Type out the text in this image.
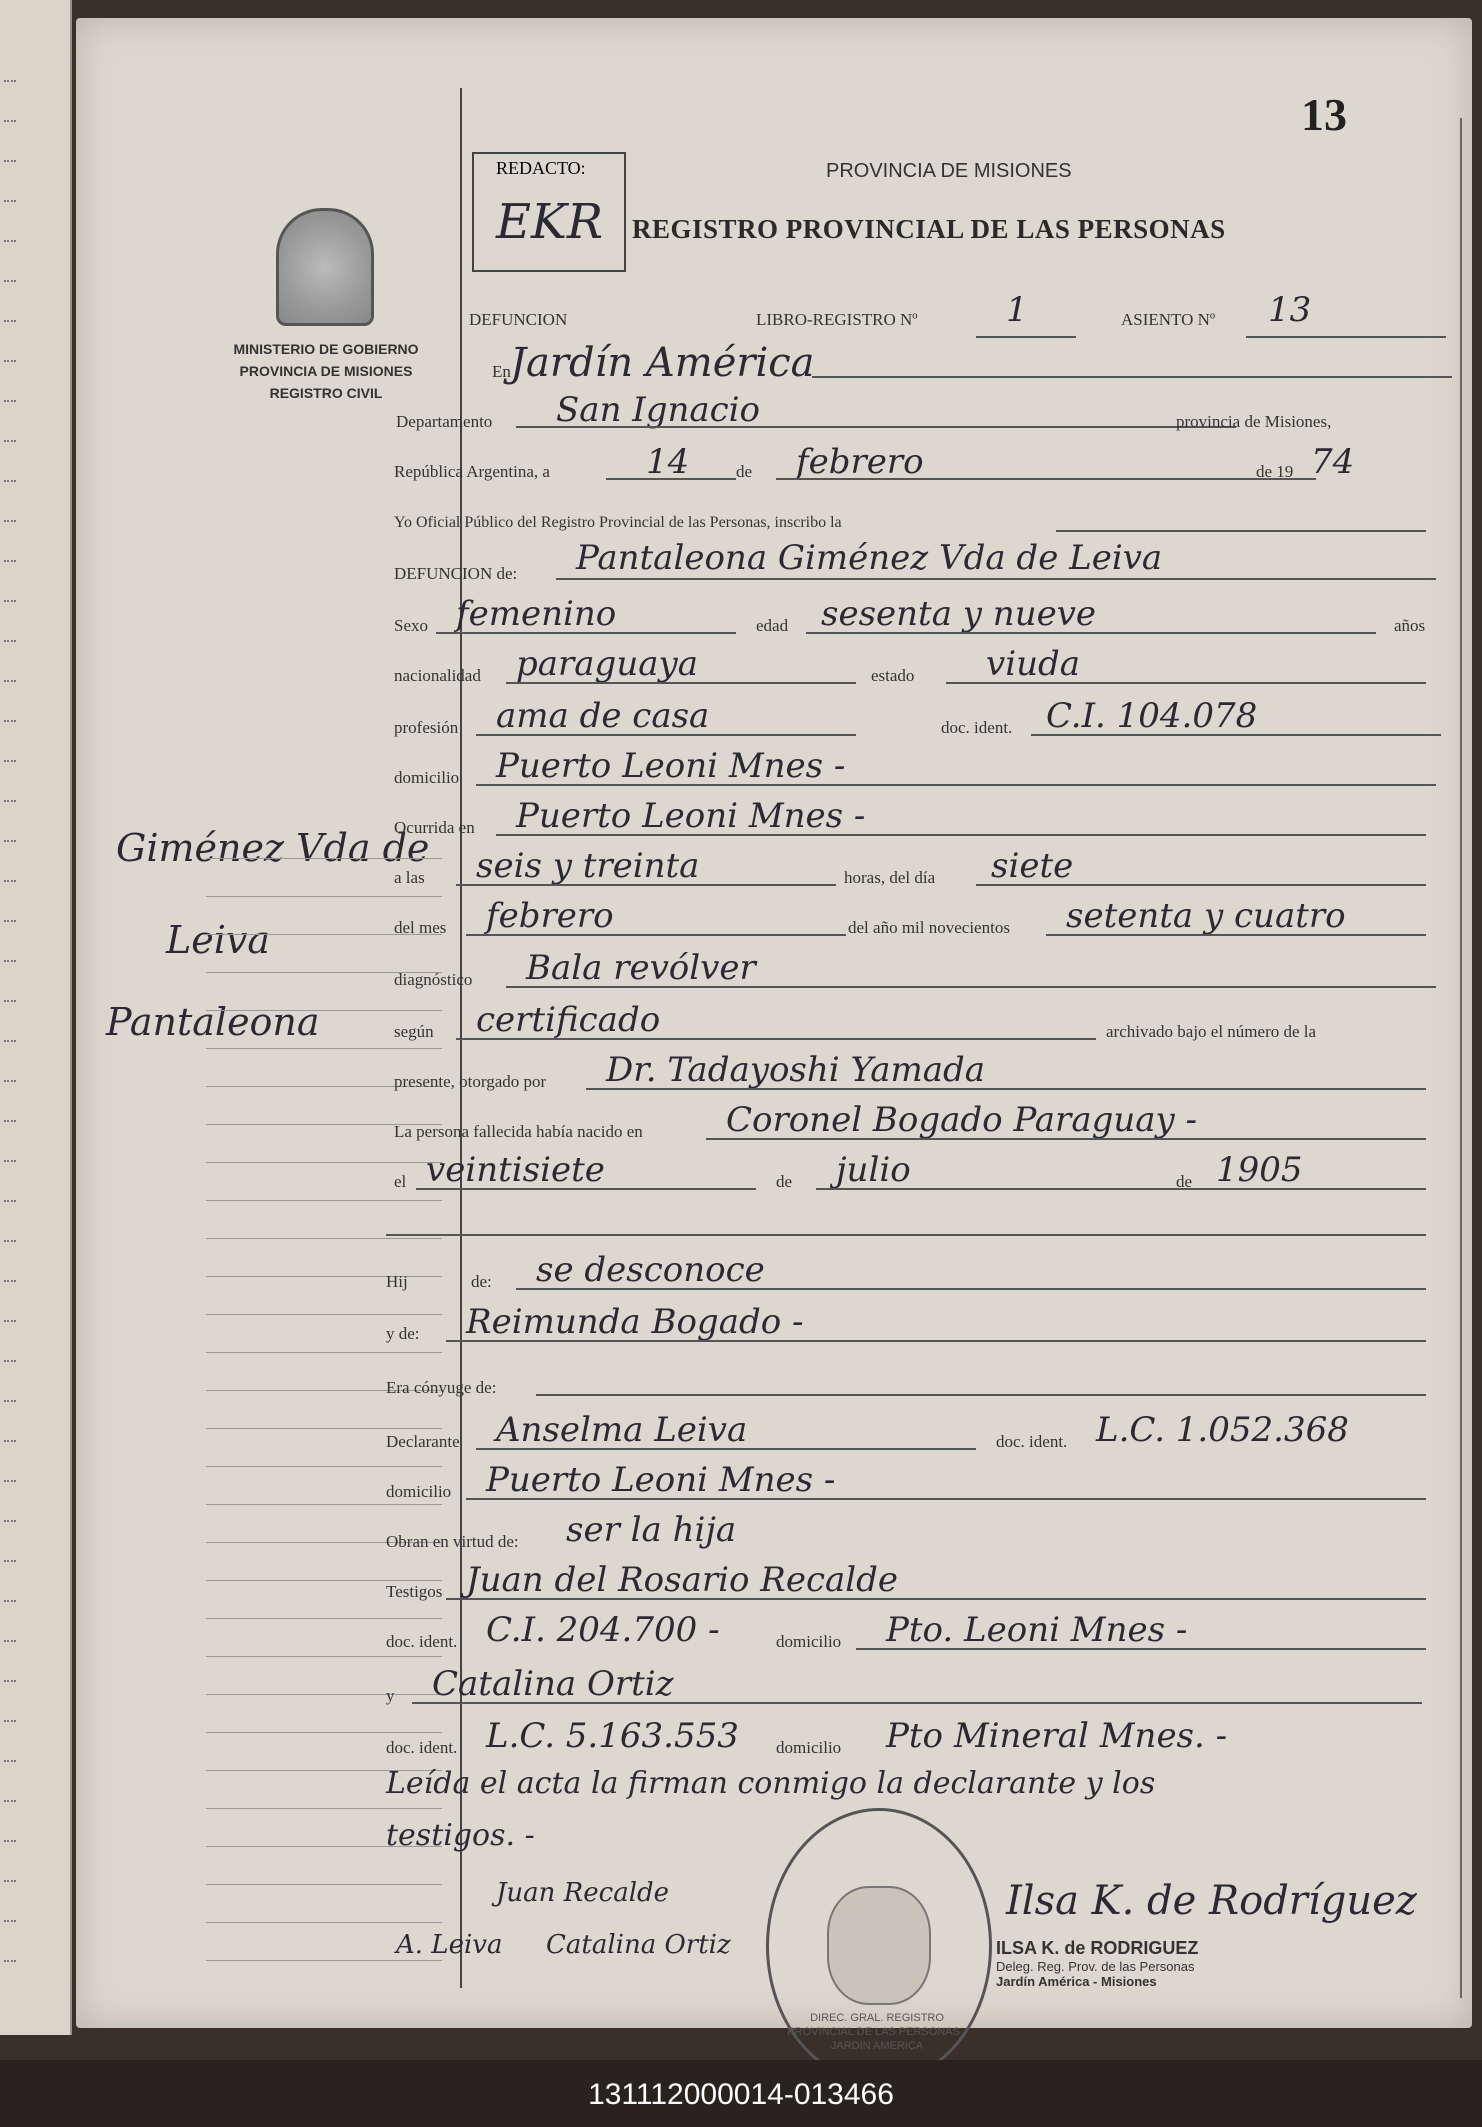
13
REDACTO:
EKR
MINISTERIO DE GOBIERNO
PROVINCIA DE MISIONES
REGISTRO CIVIL
PROVINCIA DE MISIONES
REGISTRO PROVINCIAL DE LAS PERSONAS
Giménez Vda de
Leiva
Pantaleona
DEFUNCION	LIBRO-REGISTRO Nº	1	ASIENTO Nº 13
En Jardín América
Departamento San Ignacio	provincia de Misiones,
República Argentina, a	14	de febrero	de 19 74
Yo Oficial Público del Registro Provincial de las Personas, inscribo la
DEFUNCION de: Pantaleona Giménez Vda de Leiva
Sexo femenino	edad sesenta y nueve	años
nacionalidad paraguaya	estado viuda
profesión ama de casa	doc. ident. C.I. 104.078
domicilio Puerto Leoni Mnes -
Ocurrida en Puerto Leoni Mnes -
a las seis y treinta	horas, del día siete
del mes febrero	del año mil novecientos setenta y cuatro
diagnóstico Bala revólver
según certificado	archivado bajo el número de la
presente, otorgado por Dr. Tadayoshi Yamada
La persona fallecida había nacido en Coronel Bogado Paraguay -
el veintisiete	de julio	de 1905
Hij	de: se desconoce
y de: Reimunda Bogado -
Era cónyuge de:
Declarante Anselma Leiva	doc. ident. L.C. 1.052.368
domicilio Puerto Leoni Mnes -
Obran en virtud de: ser la hija
Testigos Juan del Rosario Recalde
doc. ident. C.I. 204.700 -	domicilio Pto. Leoni Mnes -
y Catalina Ortiz
doc. ident. L.C. 5.163.553 domicilio Pto Mineral Mnes. -
Leída el acta la firman conmigo la declarante y los
testigos. -
Juan Recalde
A. Leiva Catalina Ortiz
Ilsa K. de Rodríguez
DIREC. GRAL. REGISTRO PROVINCIAL DE LAS PERSONAS · JARDIN AMERICA
ILSA K. de RODRIGUEZ
Deleg. Reg. Prov. de las Personas
Jardín América - Misiones
131112000014-013466
